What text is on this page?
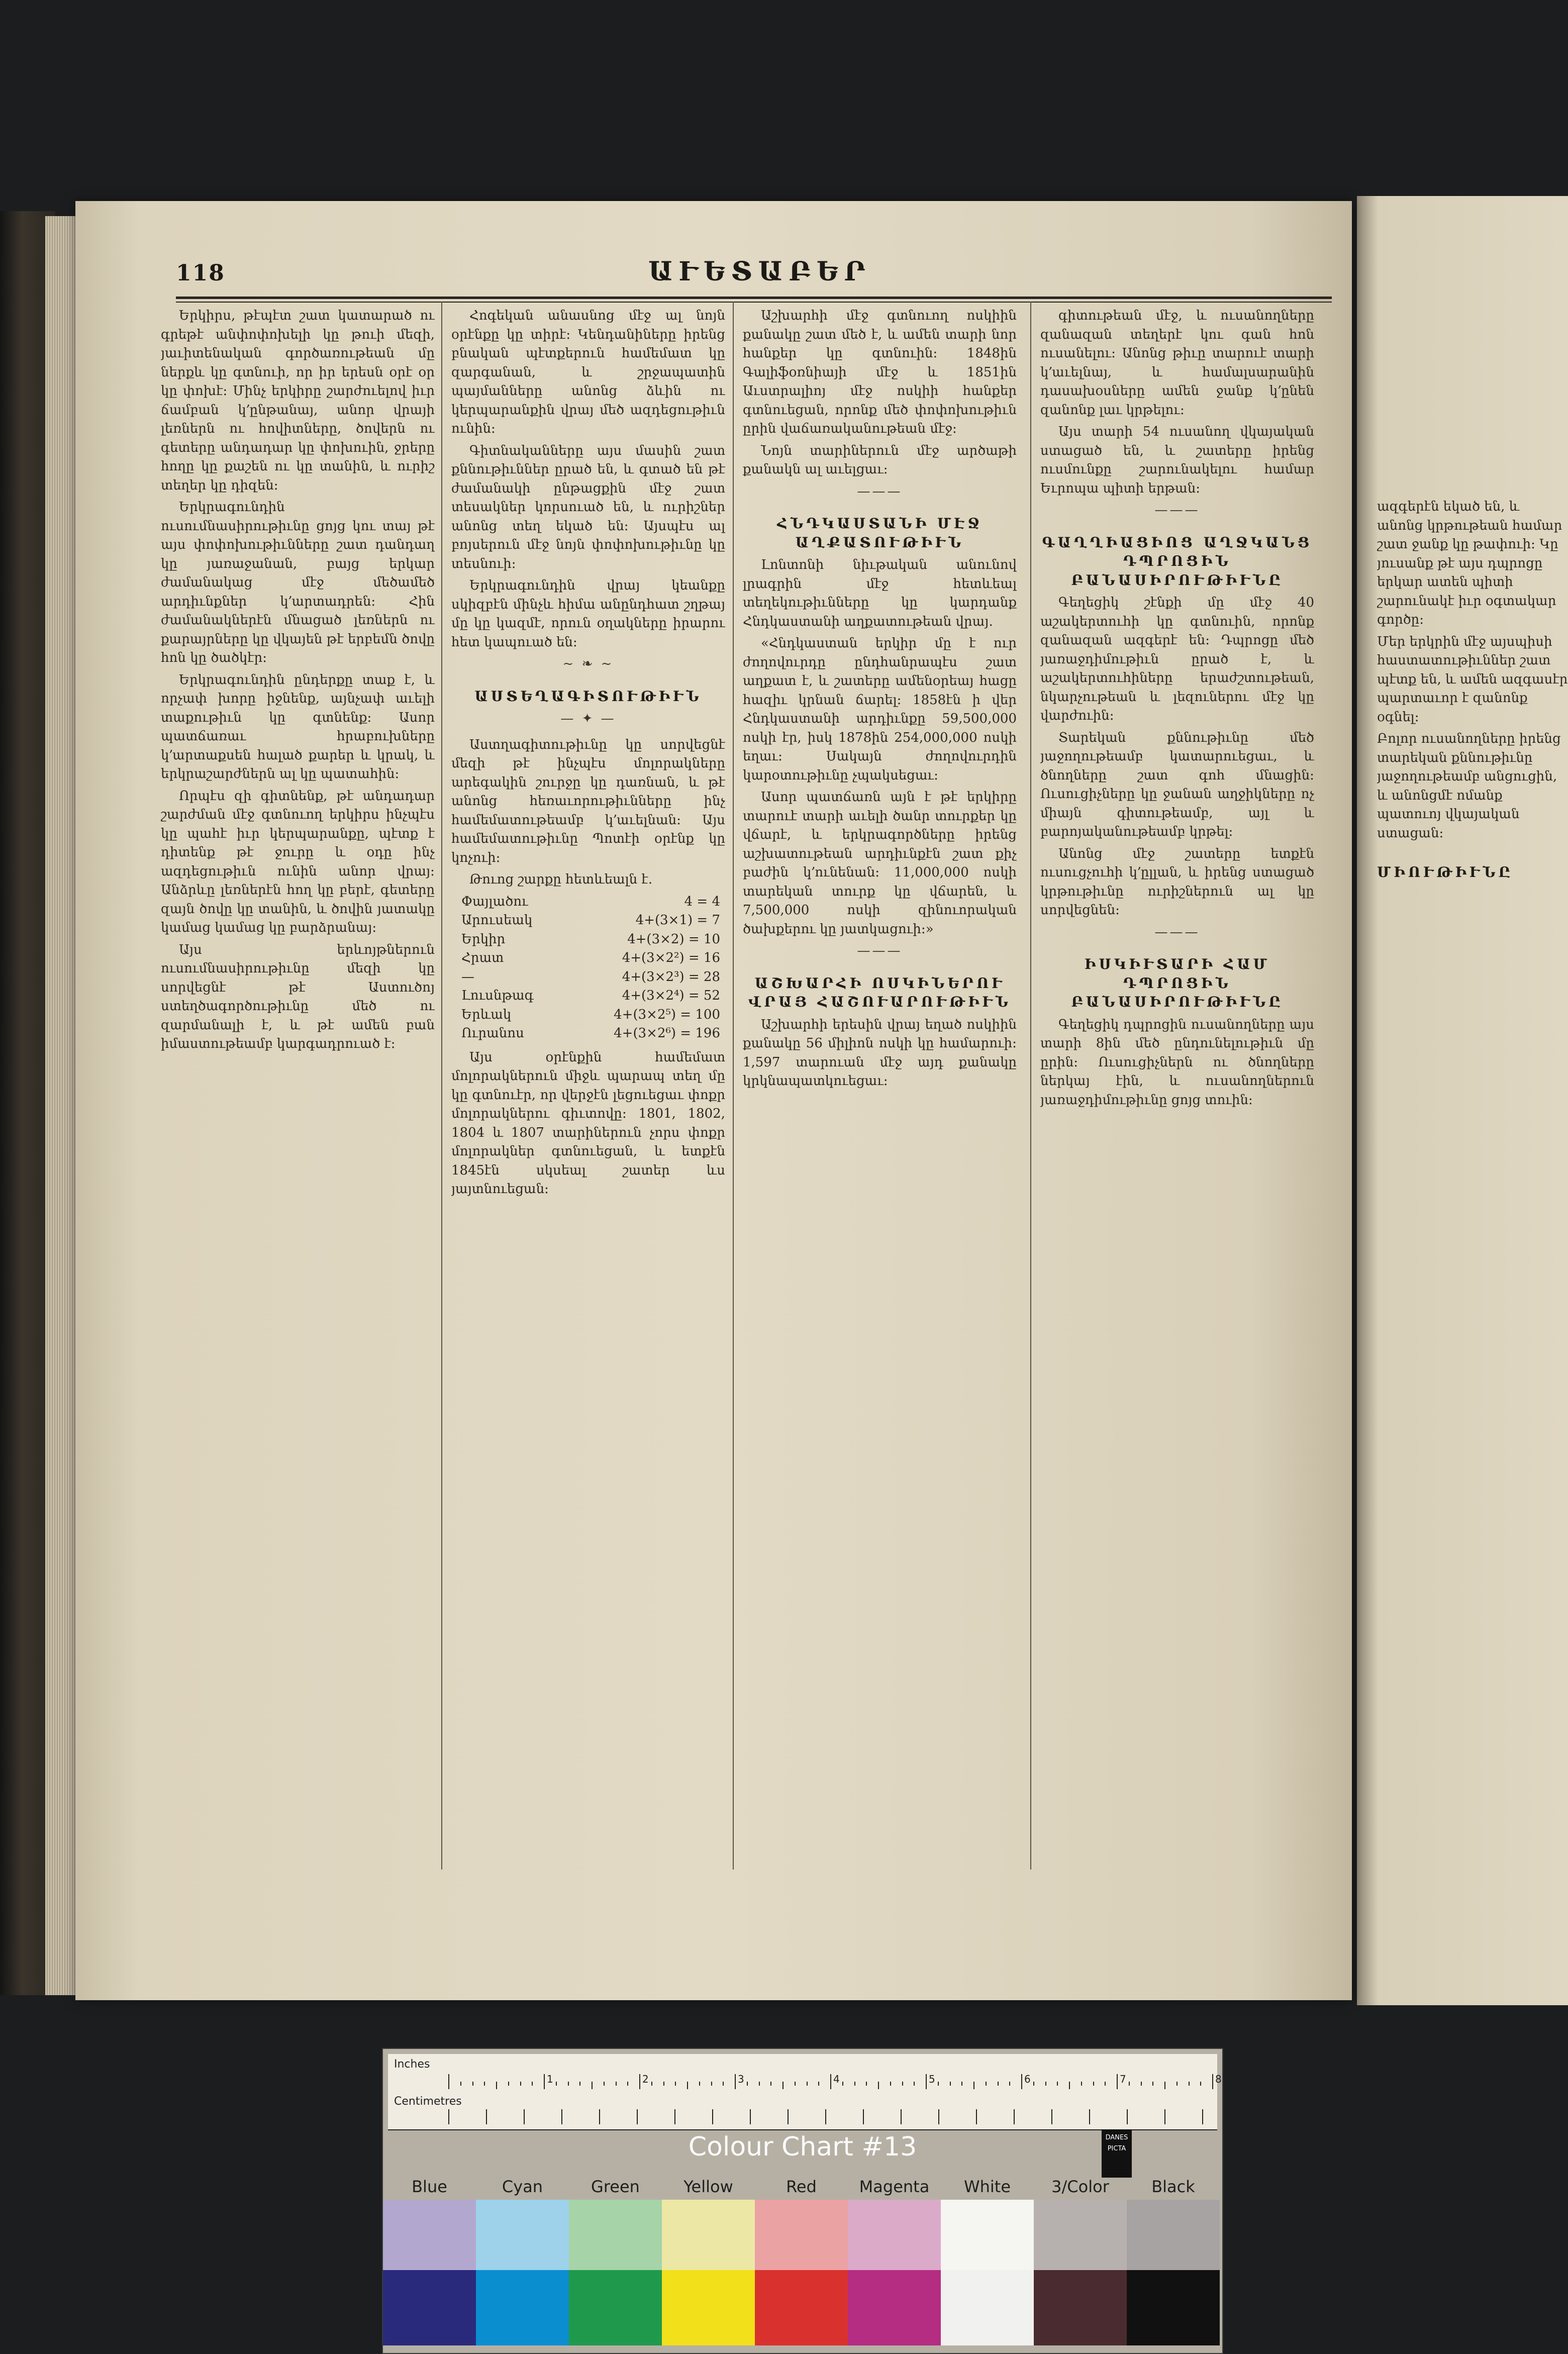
ազգերէն եկած են, և անոնց կրթութեան համար շատ ջանք կը թափուի։ Կը յուսանք թէ այս դպրոցը երկար ատեն պիտի շարունակէ իւր օգտակար գործը։

Մեր երկրին մէջ այսպիսի հաստատութիւններ շատ պէտք են, և ամեն ազգասէր պարտաւոր է զանոնք օգնել։

Բոլոր ուսանողները իրենց տարեկան քննութիւնը յաջողութեամբ անցուցին, և անոնցմէ ոմանք պատուոյ վկայական ստացան։

ՄԻՈՒԹԻՒՆԸ
118	ԱՒԵՏԱԲԵՐ

Երկիրս, թէպէտ շատ կատարած ու գրեթէ անփոփոխելի կը թուի մեզի, յաւիտենական գործառութեան մը ներքև կը գտնուի, որ իր երեսն օրէ օր կը փոխէ։ Մինչ երկիրը շարժուելով իւր ճամբան կ՚ընթանայ, անոր վրայի լեռներն ու հովիտները, ծովերն ու գետերը անդադար կը փոխուին, ջրերը հողը կը քաշեն ու կը տանին, և ուրիշ տեղեր կը դիզեն։

Երկրագունդին ուսումնասիրութիւնը ցոյց կու տայ թէ այս փոփոխութիւնները շատ դանդաղ կը յառաջանան, բայց երկար ժամանակաց մէջ մեծամեծ արդիւնքներ կ՚արտադրեն։ Հին ժամանակներէն մնացած լեռներն ու քարայրները կը վկայեն թէ երբեմն ծովը հոն կը ծածկէր։

Երկրագունդին ընդերքը տաք է, և որչափ խորը իջնենք, այնչափ աւելի տաքութիւն կը գտնենք։ Ասոր պատճառաւ հրաբուխները կ՚արտաքսեն հալած քարեր և կրակ, և երկրաշարժներն ալ կը պատահին։

Որպէս զի գիտնենք, թէ անդադար շարժման մէջ գտնուող երկիրս ինչպէս կը պահէ իւր կերպարանքը, պէտք է դիտենք թէ ջուրը և օդը ինչ ազդեցութիւն ունին անոր վրայ։ Անձրևը լեռներէն հող կը բերէ, գետերը զայն ծովը կը տանին, և ծովին յատակը կամաց կամաց կը բարձրանայ։

Այս երևոյթներուն ուսումնասիրութիւնը մեզի կը սորվեցնէ թէ Աստուծոյ ստեղծագործութիւնը մեծ ու զարմանալի է, և թէ ամեն բան իմաստութեամբ կարգադրուած է։

Հոգեկան անասնոց մէջ ալ նոյն օրէնքը կը տիրէ։ Կենդանիները իրենց բնական պէտքերուն համեմատ կը զարգանան, և շրջապատին պայմանները անոնց ձևին ու կերպարանքին վրայ մեծ ազդեցութիւն ունին։

Գիտնականները այս մասին շատ քննութիւններ ըրած են, և գտած են թէ ժամանակի ընթացքին մէջ շատ տեսակներ կորսուած են, և ուրիշներ անոնց տեղ եկած են։ Այսպէս ալ բոյսերուն մէջ նոյն փոփոխութիւնը կը տեսնուի։

Երկրագունդին վրայ կեանքը սկիզբէն մինչև հիմա անընդհատ շղթայ մը կը կազմէ, որուն օղակները իրարու հետ կապուած են։

~ ❧ ~
ԱՍՏԵՂԱԳԻՏՈՒԹԻՒՆ
— ✦ —

Աստղագիտութիւնը կը սորվեցնէ մեզի թէ ինչպէս մոլորակները արեգակին շուրջը կը դառնան, և թէ անոնց հեռաւորութիւնները ինչ համեմատութեամբ կ՚աւելնան։ Այս համեմատութիւնը Պոտէի օրէնք կը կոչուի։

Թուոց շարքը հետևեալն է․

Փայլածու	4 = 4
Արուսեակ	4+(3×1) = 7
Երկիր	4+(3×2) = 10
Հրատ	4+(3×2²) = 16
—	4+(3×2³) = 28
Լուսնթագ	4+(3×2⁴) = 52
Երևակ	4+(3×2⁵) = 100
Ուրանոս	4+(3×2⁶) = 196

Այս օրէնքին համեմատ մոլորակներուն միջև պարապ տեղ մը կը գտնուէր, որ վերջէն լեցուեցաւ փոքր մոլորակներու գիւտովը։ 1801, 1802, 1804 և 1807 տարիներուն չորս փոքր մոլորակներ գտնուեցան, և ետքէն 1845էն սկսեալ շատեր ևս յայտնուեցան։

Աշխարհի մէջ գտնուող ոսկիին քանակը շատ մեծ է, և ամեն տարի նոր հանքեր կը գտնուին։ 1848ին Գալիֆօռնիայի մէջ և 1851ին Աւստրալիոյ մէջ ոսկիի հանքեր գտնուեցան, որոնք մեծ փոփոխութիւն ըրին վաճառականութեան մէջ։

Նոյն տարիներուն մէջ արծաթի քանակն ալ աւելցաւ։

———
ՀՆԴԿԱՍՏԱՆԻ ՄԷՋ ԱՂՔԱՏՈՒԹԻՒՆ

Լոնտոնի նիւթական անունով լրագրին մէջ հետևեալ տեղեկութիւնները կը կարդանք Հնդկաստանի աղքատութեան վրայ․

«Հնդկաստան երկիր մը է ուր ժողովուրդը ընդհանրապէս շատ աղքատ է, և շատերը ամենօրեայ հացը հազիւ կրնան ճարել։ 1858էն ի վեր Հնդկաստանի արդիւնքը 59,500,000 ոսկի էր, իսկ 1878ին 254,000,000 ոսկի եղաւ։ Սակայն ժողովուրդին կարօտութիւնը չպակսեցաւ։

Ասոր պատճառն այն է թէ երկիրը տարուէ տարի աւելի ծանր տուրքեր կը վճարէ, և երկրագործները իրենց աշխատութեան արդիւնքէն շատ քիչ բաժին կ՚ունենան։ 11,000,000 ոսկի տարեկան տուրք կը վճարեն, և 7,500,000 ոսկի զինուորական ծախքերու կը յատկացուի։»

———
ԱՇԽԱՐՀԻ ՈՍԿԻՆԵՐՈՒ ՎՐԱՅ ՀԱՇՈՒԱՐՈՒԹԻՒՆ

Աշխարհի երեսին վրայ եղած ոսկիին քանակը 56 միլիոն ոսկի կը համարուի։ 1,597 տարուան մէջ այդ քանակը կրկնապատկուեցաւ։

գիտութեան մէջ, և ուսանողները զանազան տեղերէ կու գան հոն ուսանելու։ Անոնց թիւը տարուէ տարի կ՚աւելնայ, և համալսարանին դասախօսները ամեն ջանք կ՚ընեն զանոնք լաւ կրթելու։

Այս տարի 54 ուսանող վկայական ստացած են, և շատերը իրենց ուսմունքը շարունակելու համար Եւրոպա պիտի երթան։

———
ԳԱՂՂԻԱՑԻՈՑ ԱՂՋԿԱՆՑ ԴՊՐՈՑԻՆ ԲԱՆԱՍԻՐՈՒԹԻՒՆԸ

Գեղեցիկ շէնքի մը մէջ 40 աշակերտուհի կը գտնուին, որոնք զանազան ազգերէ են։ Դպրոցը մեծ յառաջդիմութիւն ըրած է, և աշակերտուհիները երաժշտութեան, նկարչութեան և լեզուներու մէջ կը վարժուին։

Տարեկան քննութիւնը մեծ յաջողութեամբ կատարուեցաւ, և ծնողները շատ գոհ մնացին։ Ուսուցիչները կը ջանան աղջիկները ոչ միայն գիտութեամբ, այլ և բարոյականութեամբ կրթել։

Անոնց մէջ շատերը ետքէն ուսուցչուհի կ՚ըլլան, և իրենց ստացած կրթութիւնը ուրիշներուն ալ կը սորվեցնեն։

———
ԻՍԿԻՒՏԱՐԻ ՀԱՄ ԴՊՐՈՑԻՆ ԲԱՆԱՍԻՐՈՒԹԻՒՆԸ

Գեղեցիկ դպրոցին ուսանողները այս տարի 8ին մեծ ընդունելութիւն մը ըրին։ Ուսուցիչներն ու ծնողները ներկայ էին, և ուսանողներուն յառաջդիմութիւնը ցոյց տուին։

Inches
Centimetres
1	2	3	4	5	6	7	8
Colour Chart #13	DANES PICTA
Blue	Cyan	Green	Yellow	Red	Magenta	White	3/Color	Black
